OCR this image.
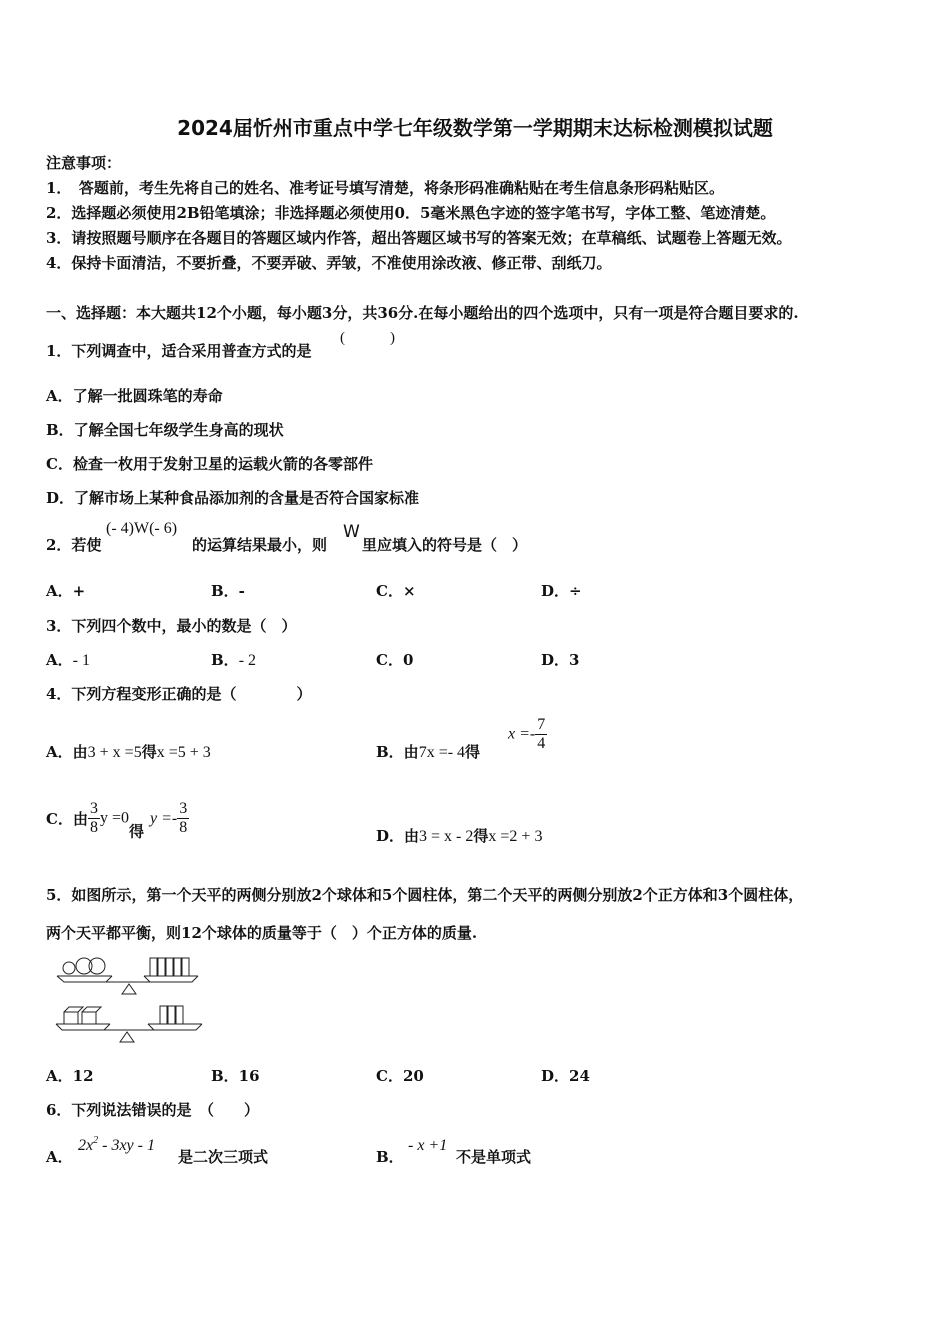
2024届忻州市重点中学七年级数学第一学期期末达标检测模拟试题
注意事项：
1．　答题前，考生先将自己的姓名、准考证号填写清楚，将条形码准确粘贴在考生信息条形码粘贴区。
2．选择题必须使用2B铅笔填涂；非选择题必须使用0．5毫米黑色字迹的签字笔书写，字体工整、笔迹清楚。
3．请按照题号顺序在各题目的答题区域内作答，超出答题区域书写的答案无效；在草稿纸、试题卷上答题无效。
4．保持卡面清洁，不要折叠，不要弄破、弄皱，不准使用涂改液、修正带、刮纸刀。
一、选择题：本大题共12个小题，每小题3分，共36分.在每小题给出的四个选项中，只有一项是符合题目要求的.
1．下列调查中，适合采用普查方式的是
(　　　)
A．了解一批圆珠笔的寿命
B．了解全国七年级学生身高的现状
C．检查一枚用于发射卫星的运载火箭的各零部件
D．了解市场上某种食品添加剂的含量是否符合国家标准
2．若使
(- 4)W(- 6)
的运算结果最小，则
W
里应填入的符号是（　）
A．+	B．-	C．×	D．÷
3．下列四个数中，最小的数是（　）
A．- 1	B．- 2	C．0	D．3
4．下列方程变形正确的是（　　　　）
A．由3 + x =5得x =5 + 3	B．由7x =- 4得
$x =- \frac{7}{4}$
C．由 $\frac{3}{8}$ y =0得$y =- \frac{3}{8}$	D．由3 = x - 2得x =2 + 3
5．如图所示，第一个天平的两侧分别放2个球体和5个圆柱体，第二个天平的两侧分别放2个正方体和3个圆柱体，
两个天平都平衡，则12个球体的质量等于（　）个正方体的质量.
A．12	B．16	C．20	D．24
6．下列说法错误的是　（　　）
A．
$2x^2 - 3xy - 1$
是二次三项式	B．
- x +1
不是单项式
